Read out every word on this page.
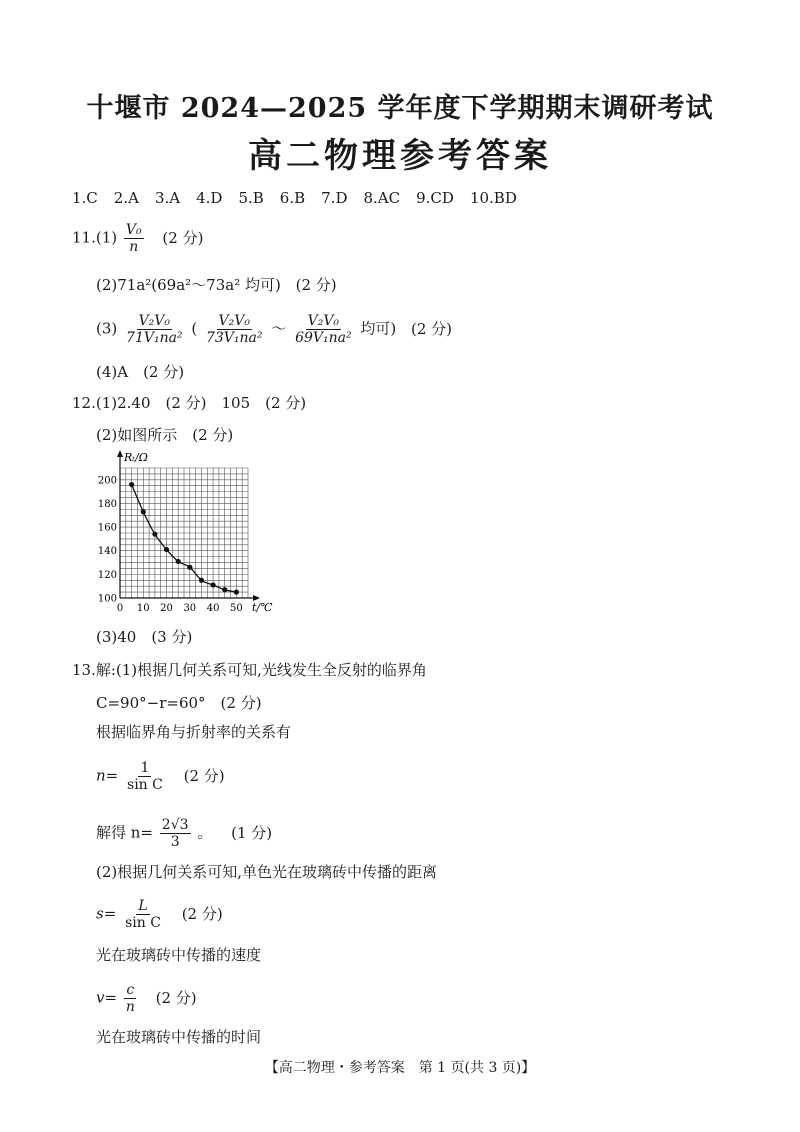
十堰市 2024—2025 学年度下学期期末调研考试
高二物理参考答案
1.C 2.A 3.A 4.D 5.B 6.B 7.D 8.AC 9.CD 10.BD
$11.(1) \frac{\text{V₀}}{n} (2$ 分)
(2)71a²(69a²～73a² 均可) (2 分)
$(3) \frac{\text{V₂V₀}}{\text{71V₁na²}}$ ( $\frac{\text{V₂V₀}}{\text{73V₁na²}}$ ～ $\frac{\text{V₂V₀}}{\text{69V₁na²}}$ 均可) (2 分)
(4)A　(2 分)
12.(1)2.40　(2 分)　105　(2 分)
(2)如图所示　(2 分)
0 10 20 30 40 50
100
120
140
160
180
200
Rₜ/Ω
t/℃
(3)40　(3 分)
13.解:(1)根据几何关系可知,光线发生全反射的临界角
C=90°−r=60°　(2 分)
根据临界角与折射率的关系有
$n= \frac{1}{\text{sin C}} (2$ 分)
解得 $n= \frac{2√3}{3}$ 。 (1 分)
(2)根据几何关系可知,单色光在玻璃砖中传播的距离
$s= \frac{L}{\text{sin C}} (2$ 分)
光在玻璃砖中传播的速度
$v= \frac{c}{n} (2$ 分)
光在玻璃砖中传播的时间
【高二物理・参考答案　第 1 页(共 3 页)】
